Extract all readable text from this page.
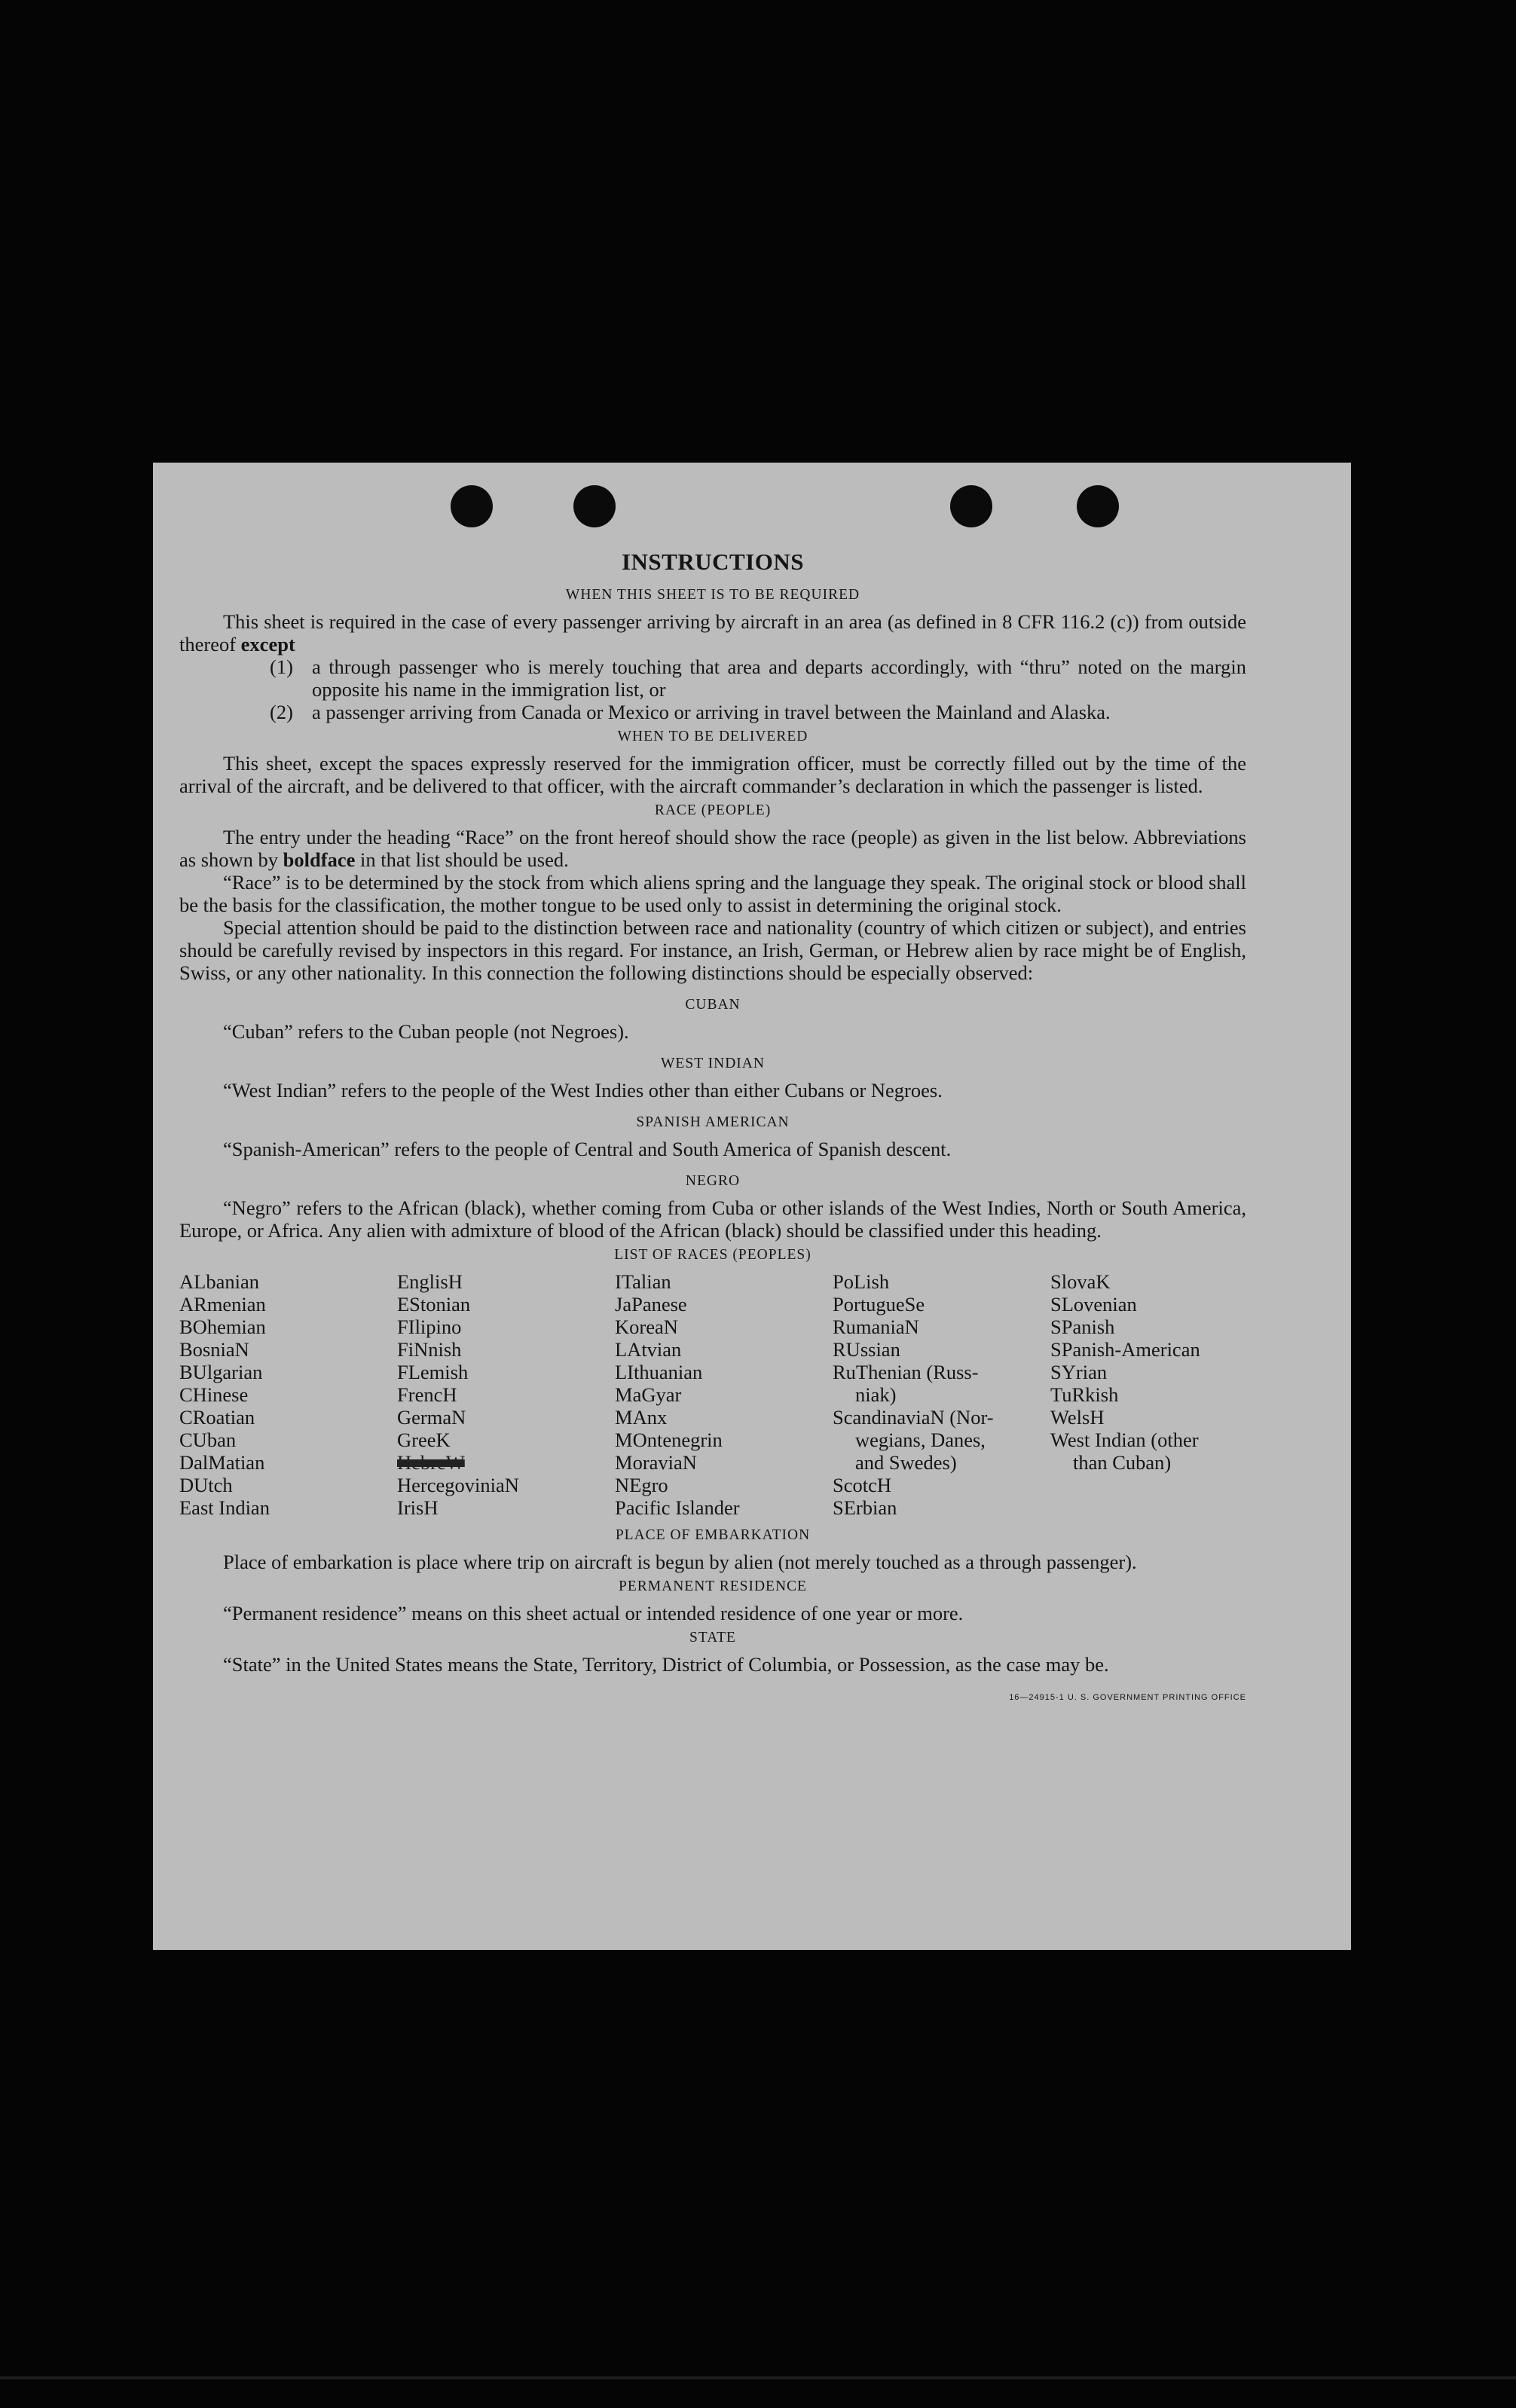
INSTRUCTIONS
WHEN THIS SHEET IS TO BE REQUIRED

This sheet is required in the case of every passenger arriving by aircraft in an area (as defined in 8 CFR 116.2 (c)) from outside thereof except

(1) a through passenger who is merely touching that area and departs accordingly, with “thru” noted on the margin opposite his name in the immigration list, or
(2) a passenger arriving from Canada or Mexico or arriving in travel between the Mainland and Alaska.
WHEN TO BE DELIVERED

This sheet, except the spaces expressly reserved for the immigration officer, must be correctly filled out by the time of the arrival of the aircraft, and be delivered to that officer, with the aircraft commander’s declaration in which the passenger is listed.

RACE (PEOPLE)

The entry under the heading “Race” on the front hereof should show the race (people) as given in the list below. Abbreviations as shown by boldface in that list should be used.

“Race” is to be determined by the stock from which aliens spring and the language they speak. The original stock or blood shall be the basis for the classification, the mother tongue to be used only to assist in determining the original stock.

Special attention should be paid to the distinction between race and nationality (country of which citizen or subject), and entries should be carefully revised by inspectors in this regard. For instance, an Irish, German, or Hebrew alien by race might be of English, Swiss, or any other nationality. In this connection the following distinctions should be especially observed:

CUBAN

“Cuban” refers to the Cuban people (not Negroes).

WEST INDIAN

“West Indian” refers to the people of the West Indies other than either Cubans or Negroes.

SPANISH AMERICAN

“Spanish-American” refers to the people of Central and South America of Spanish descent.

NEGRO

“Negro” refers to the African (black), whether coming from Cuba or other islands of the West Indies, North or South America, Europe, or Africa. Any alien with admixture of blood of the African (black) should be classified under this heading.

LIST OF RACES (PEOPLES)
ALbanian
ARmenian
BOhemian
BosniaN
BUlgarian
CHinese
CRoatian
CUban
DalMatian
DUtch
East Indian
EnglisH
EStonian
FIlipino
FiNnish
FLemish
FrencH
GermaN
GreeK
HebreW
HercegoviniaN
IrisH
ITalian
JaPanese
KoreaN
LAtvian
LIthuanian
MaGyar
MAnx
MOntenegrin
MoraviaN
NEgro
Pacific Islander
PoLish
PortugueSe
RumaniaN
RUssian
RuThenian (Russ-
niak)
ScandinaviaN (Nor-
wegians, Danes,
and Swedes)
ScotcH
SErbian
SlovaK
SLovenian
SPanish
SPanish-American
SYrian
TuRkish
WelsH
West Indian (other
than Cuban)
PLACE OF EMBARKATION

Place of embarkation is place where trip on aircraft is begun by alien (not merely touched as a through passenger).

PERMANENT RESIDENCE

“Permanent residence” means on this sheet actual or intended residence of one year or more.

STATE

“State” in the United States means the State, Territory, District of Columbia, or Possession, as the case may be.
16—24915-1 U. S. GOVERNMENT PRINTING OFFICE
